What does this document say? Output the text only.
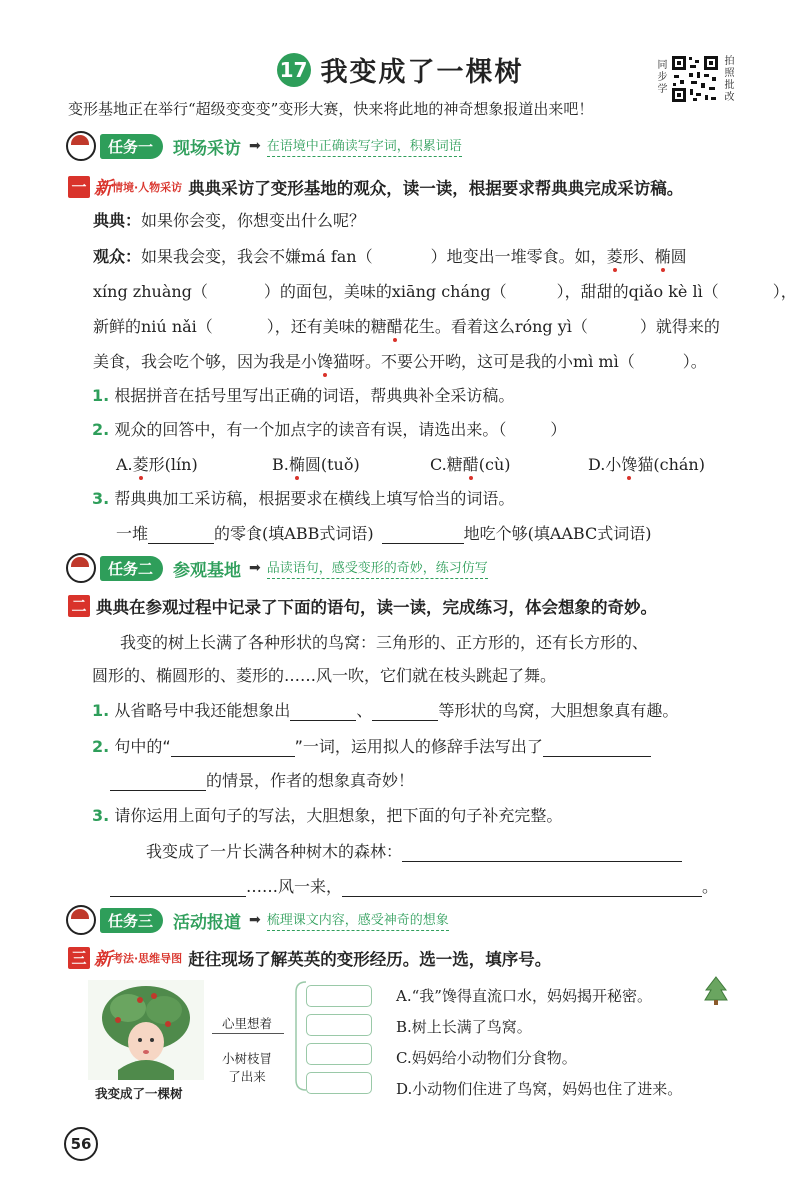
17 我变成了一棵树	同步学
拍照批改
变形基地正在举行“超级变变变”变形大赛，快来将此地的神奇想象报道出来吧！
任务一	现场采访 ➡ 在语境中正确读写字词，积累词语
一 新 情境·人物采访 典典采访了变形基地的观众，读一读，根据要求帮典典完成采访稿。
典典：如果你会变，你想变出什么呢？
观众：如果我会变，我会不嫌má fan（	）地变出一堆零食。如，菱形、椭圆
xíng zhuàng（	）的面包，美味的xiāng cháng（	），甜甜的qiǎo kè lì（	），
新鲜的niú nǎi（	），还有美味的糖醋花生。看着这么róng yì（	）就得来的
美食，我会吃个够，因为我是小馋猫呀。不要公开哟，这可是我的小mì mì（	）。
1. 根据拼音在括号里写出正确的词语，帮典典补全采访稿。
2. 观众的回答中，有一个加点字的读音有误，请选出来。（	）
A.菱形(lín)	B.椭圆(tuǒ)	C.糖醋(cù)	D.小馋猫(chán)
3. 帮典典加工采访稿，根据要求在横线上填写恰当的词语。
一堆	的零食(填ABB式词语)	地吃个够(填AABC式词语)
任务二	参观基地 ➡ 品读语句，感受变形的奇妙，练习仿写
二 典典在参观过程中记录了下面的语句，读一读，完成练习，体会想象的奇妙。
我变的树上长满了各种形状的鸟窝：三角形的、正方形的，还有长方形的、
圆形的、椭圆形的、菱形的……风一吹，它们就在枝头跳起了舞。
1. 从省略号中我还能想象出	、	等形状的鸟窝，大胆想象真有趣。
2. 句中的“	”一词，运用拟人的修辞手法写出了
的情景，作者的想象真奇妙！
3. 请你运用上面句子的写法，大胆想象，把下面的句子补充完整。
我变成了一片长满各种树木的森林：
……风一来，	。
任务三	活动报道 ➡ 梳理课文内容，感受神奇的想象
三 新 考法·思维导图 赶往现场了解英英的变形经历。选一选，填序号。
我变成了一棵树
心里想着
小树枝冒
了出来
A.“我”馋得直流口水，妈妈揭开秘密。
B.树上长满了鸟窝。
C.妈妈给小动物们分食物。
D.小动物们住进了鸟窝，妈妈也住了进来。
56
